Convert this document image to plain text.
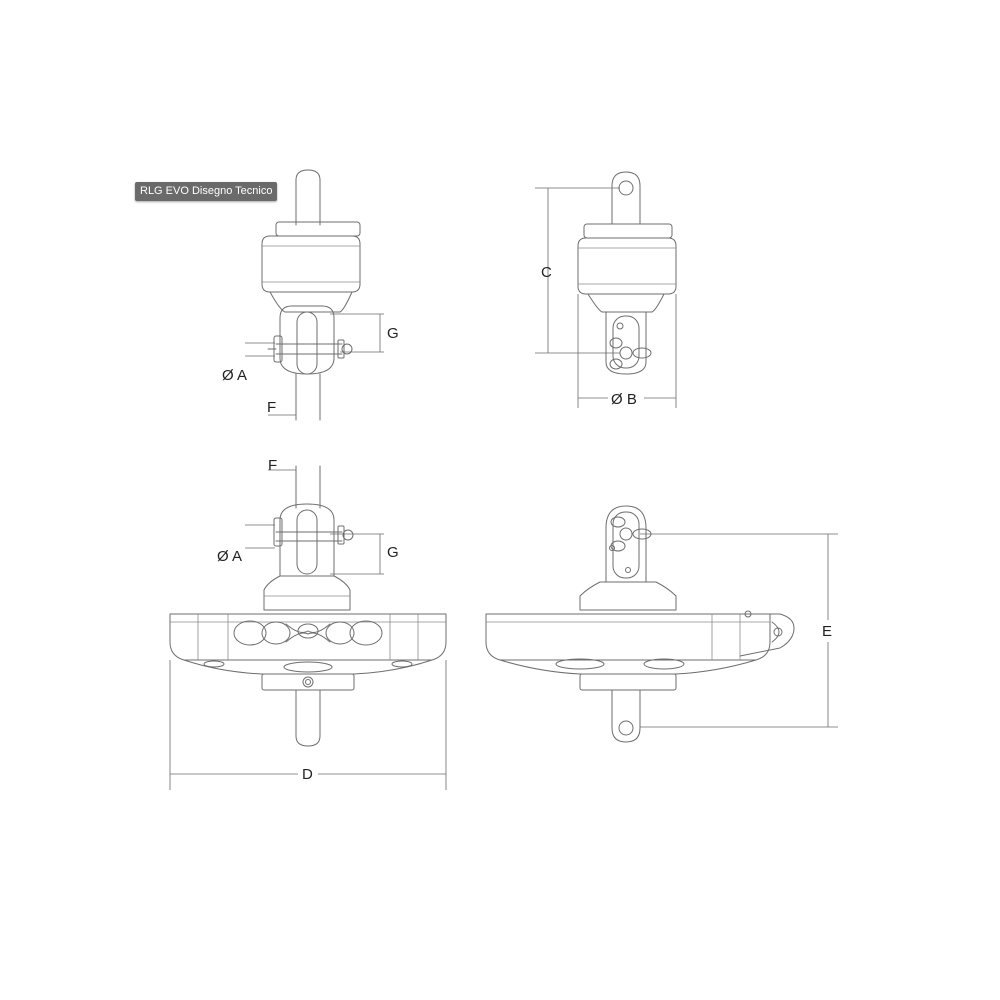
G
Ø A
F
C
Ø B
F
Ø A	G
D
E
RLG EVO Disegno Tecnico
